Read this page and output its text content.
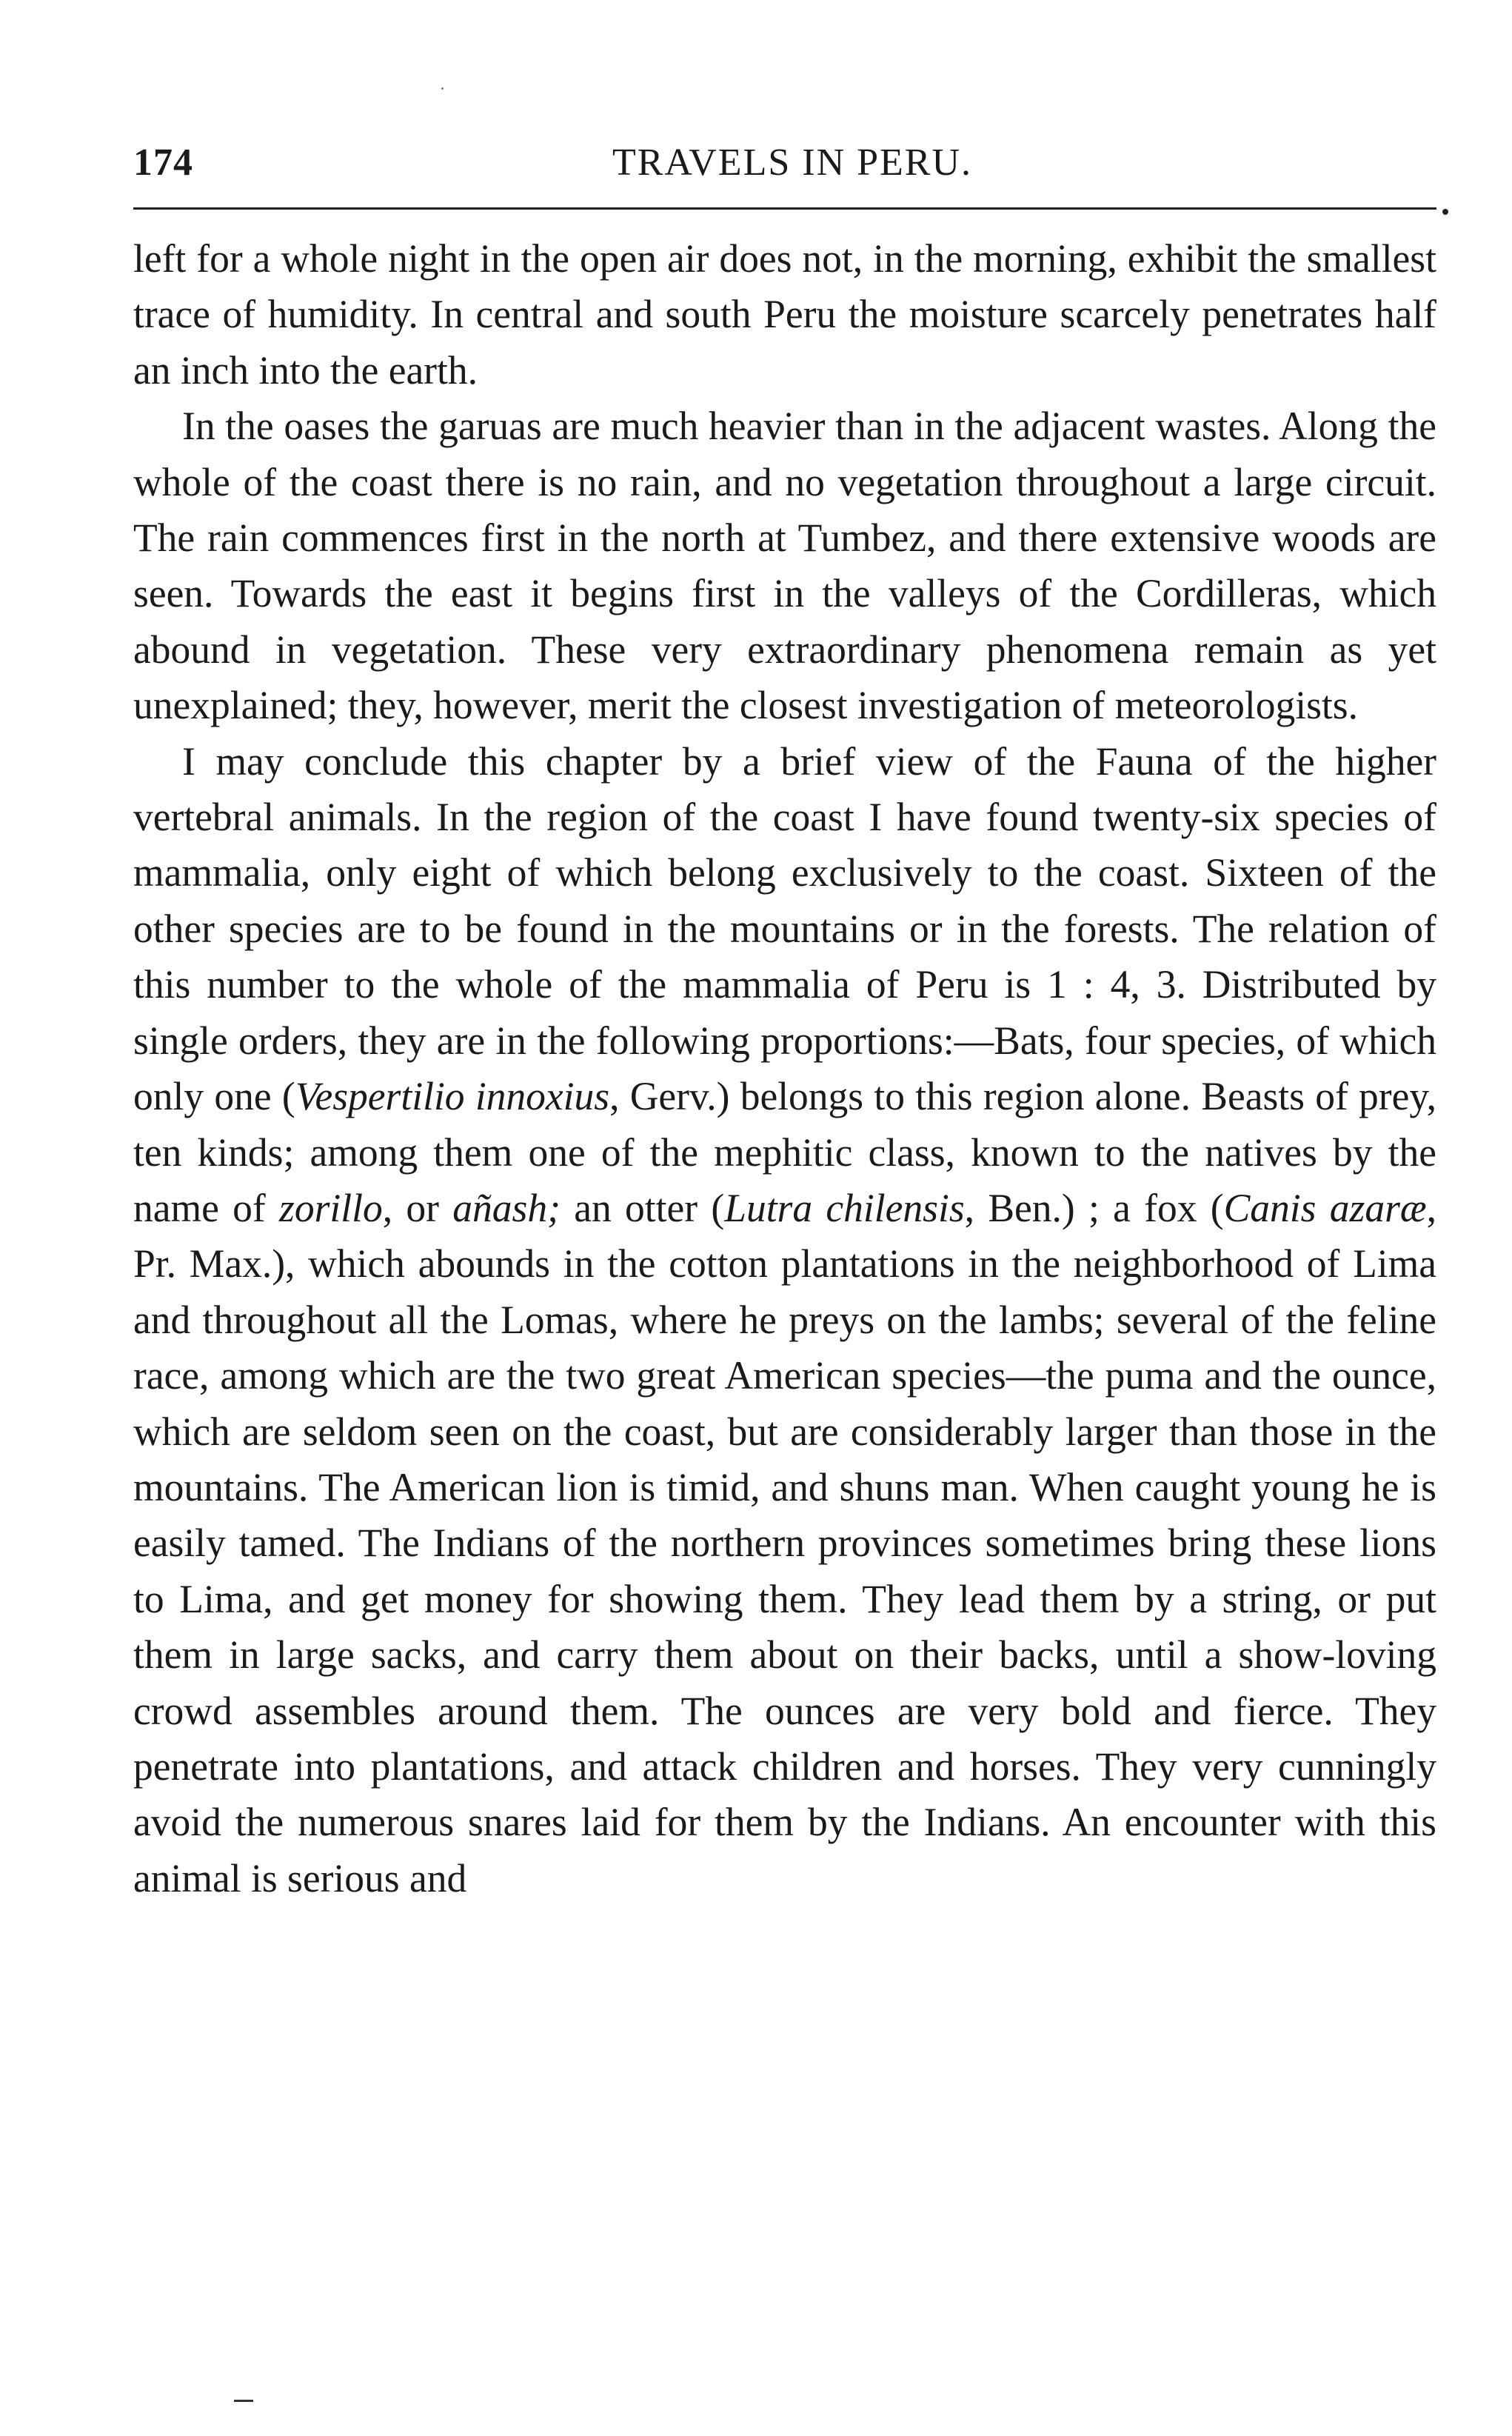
174	TRAVELS IN PERU.

left for a whole night in the open air does not, in the morning, exhibit the smallest trace of humidity. In central and south Peru the moisture scarcely penetrates half an inch into the earth.

In the oases the garuas are much heavier than in the adjacent wastes. Along the whole of the coast there is no rain, and no vegetation throughout a large circuit. The rain commences first in the north at Tumbez, and there extensive woods are seen. Towards the east it begins first in the valleys of the Cordilleras, which abound in vegetation. These very extraordinary phenomena remain as yet unexplained; they, however, merit the closest investigation of meteorologists.

I may conclude this chapter by a brief view of the Fauna of the higher vertebral animals. In the region of the coast I have found twenty-six species of mammalia, only eight of which belong exclusively to the coast. Sixteen of the other species are to be found in the mountains or in the forests. The relation of this number to the whole of the mammalia of Peru is 1 : 4, 3. Distributed by single orders, they are in the following proportions:—Bats, four species, of which only one (Vespertilio innoxius, Gerv.) belongs to this region alone. Beasts of prey, ten kinds; among them one of the mephitic class, known to the natives by the name of zorillo, or añash; an otter (Lutra chilensis, Ben.) ; a fox (Canis azaræ, Pr. Max.), which abounds in the cotton plantations in the neighborhood of Lima and throughout all the Lomas, where he preys on the lambs; several of the feline race, among which are the two great American species—the puma and the ounce, which are seldom seen on the coast, but are considerably larger than those in the mountains. The American lion is timid, and shuns man. When caught young he is easily tamed. The Indians of the northern provinces sometimes bring these lions to Lima, and get money for showing them. They lead them by a string, or put them in large sacks, and carry them about on their backs, until a show-loving crowd assembles around them. The ounces are very bold and fierce. They penetrate into plantations, and attack children and horses. They very cunningly avoid the numerous snares laid for them by the Indians. An encounter with this animal is serious and
